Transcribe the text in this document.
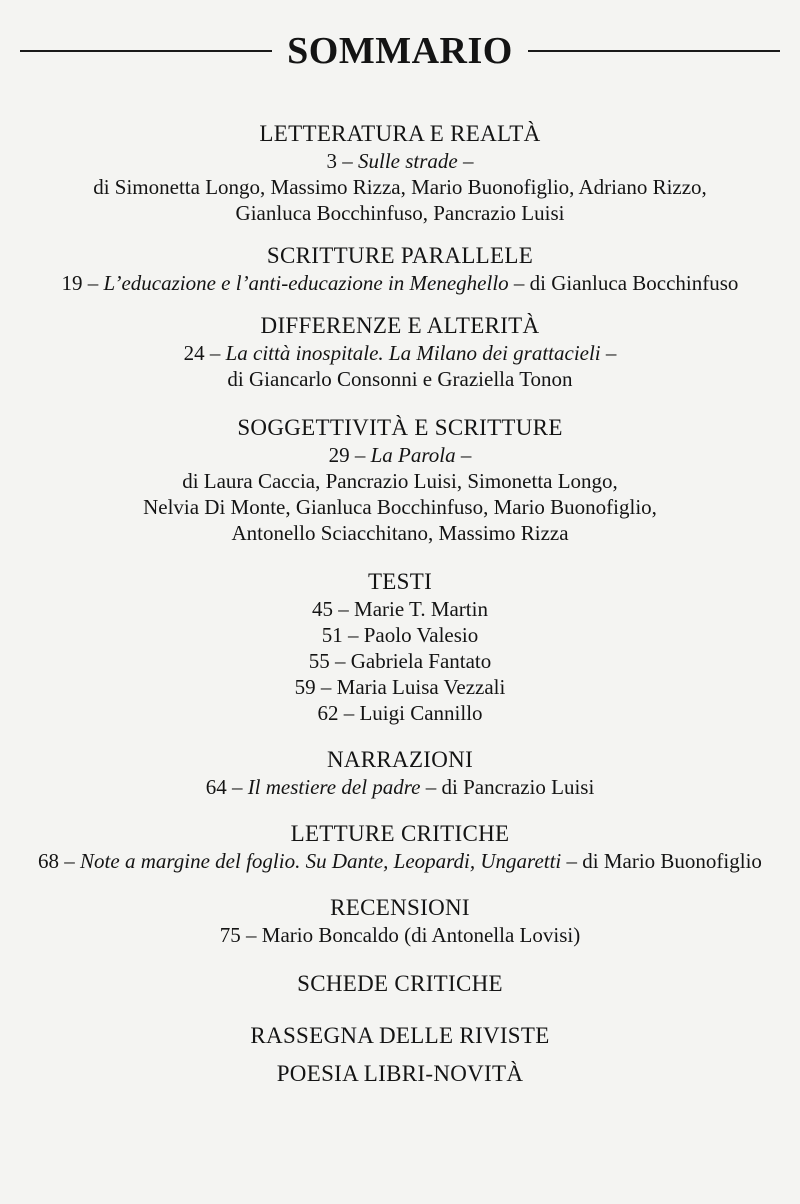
SOMMARIO
LETTERATURA E REALTÀ
3 – Sulle strade –
di Simonetta Longo, Massimo Rizza, Mario Buonofiglio, Adriano Rizzo,
Gianluca Bocchinfuso, Pancrazio Luisi
SCRITTURE PARALLELE
19 – L’educazione e l’anti-educazione in Meneghello – di Gianluca Bocchinfuso
DIFFERENZE E ALTERITÀ
24 – La città inospitale. La Milano dei grattacieli –
di Giancarlo Consonni e Graziella Tonon
SOGGETTIVITÀ E SCRITTURE
29 – La Parola –
di Laura Caccia, Pancrazio Luisi, Simonetta Longo,
Nelvia Di Monte, Gianluca Bocchinfuso, Mario Buonofiglio,
Antonello Sciacchitano, Massimo Rizza
TESTI
45 – Marie T. Martin
51 – Paolo Valesio
55 – Gabriela Fantato
59 – Maria Luisa Vezzali
62 – Luigi Cannillo
NARRAZIONI
64 – Il mestiere del padre – di Pancrazio Luisi
LETTURE CRITICHE
68 – Note a margine del foglio. Su Dante, Leopardi, Ungaretti – di Mario Buonofiglio
RECENSIONI
75 – Mario Boncaldo (di Antonella Lovisi)
SCHEDE CRITICHE
RASSEGNA DELLE RIVISTE
POESIA LIBRI-NOVITÀ
